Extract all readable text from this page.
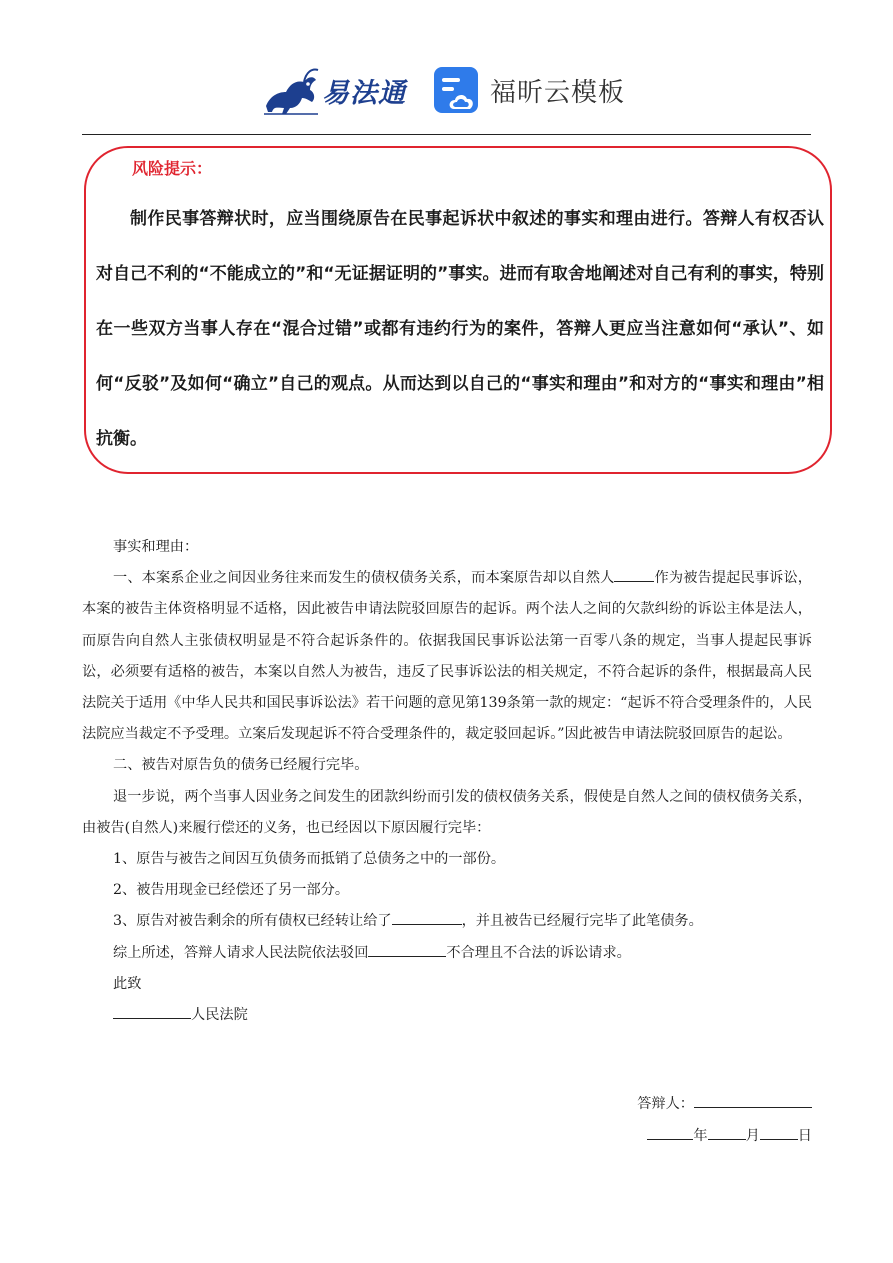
易法通	福昕云模板
风险提示：
制作民事答辩状时，应当围绕原告在民事起诉状中叙述的事实和理由进行。答辩人有权否认对自己不利的“不能成立的”和“无证据证明的”事实。进而有取舍地阐述对自己有利的事实，特别在一些双方当事人存在“混合过错”或都有违约行为的案件，答辩人更应当注意如何“承认”、如何“反驳”及如何“确立”自己的观点。从而达到以自己的“事实和理由”和对方的“事实和理由”相抗衡。

事实和理由：

一、本案系企业之间因业务往来而发生的债权债务关系，而本案原告却以自然人	作为被告提起民事诉讼，本案的被告主体资格明显不适格，因此被告申请法院驳回原告的起诉。两个法人之间的欠款纠纷的诉讼主体是法人，而原告向自然人主张债权明显是不符合起诉条件的。依据我国民事诉讼法第一百零八条的规定，当事人提起民事诉讼，必须要有适格的被告，本案以自然人为被告，违反了民事诉讼法的相关规定，不符合起诉的条件，根据最高人民法院关于适用《中华人民共和国民事诉讼法》若干问题的意见第139条第一款的规定：“起诉不符合受理条件的，人民法院应当裁定不予受理。立案后发现起诉不符合受理条件的，裁定驳回起诉。”因此被告申请法院驳回原告的起讼。

二、被告对原告负的债务已经履行完毕。

退一步说，两个当事人因业务之间发生的团款纠纷而引发的债权债务关系，假使是自然人之间的债权债务关系，由被告(自然人)来履行偿还的义务，也已经因以下原因履行完毕：

1、原告与被告之间因互负债务而抵销了总债务之中的一部份。

2、被告用现金已经偿还了另一部分。

3、原告对被告剩余的所有债权已经转让给了	，并且被告已经履行完毕了此笔债务。

综上所述，答辩人请求人民法院依法驳回	不合理且不合法的诉讼请求。

此致

人民法院

答辩人：
年	月	日
